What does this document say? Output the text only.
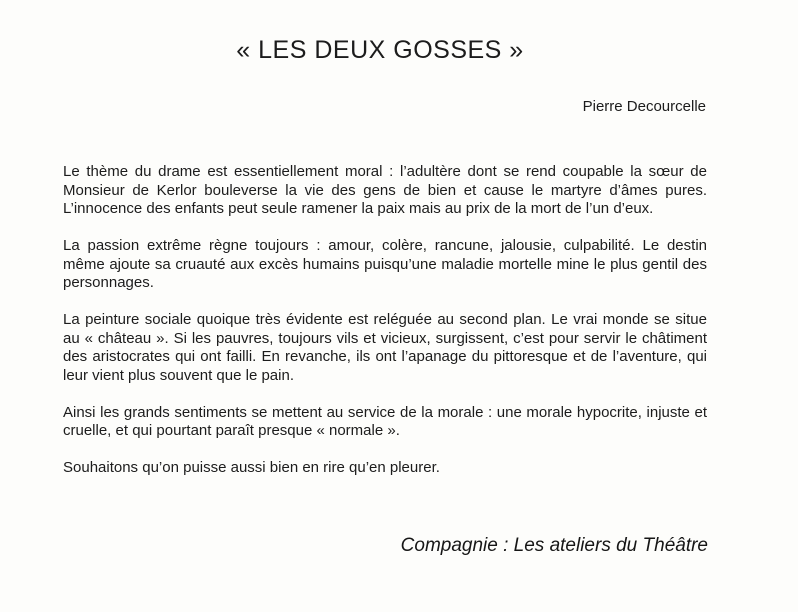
« LES DEUX GOSSES »

Pierre Decourcelle

Le thème du drame est essentiellement moral : l’adultère dont se rend coupable la sœur de Monsieur de Kerlor bouleverse la vie des gens de bien et cause le martyre d’âmes pures. L’innocence des enfants peut seule ramener la paix mais au prix de la mort de l’un d’eux.

La passion extrême règne toujours : amour, colère, rancune, jalousie, culpabilité. Le destin même ajoute sa cruauté aux excès humains puisqu’une maladie mortelle mine le plus gentil des personnages.

La peinture sociale quoique très évidente est reléguée au second plan. Le vrai monde se situe au « château ». Si les pauvres, toujours vils et vicieux, surgissent, c’est pour servir le châtiment des aristocrates qui ont failli. En revanche, ils ont l’apanage du pittoresque et de l’aventure, qui leur vient plus souvent que le pain.

Ainsi les grands sentiments se mettent au service de la morale : une morale hypocrite, injuste et cruelle, et qui pourtant paraît presque « normale ».

Souhaitons qu’on puisse aussi bien en rire qu’en pleurer.

Compagnie : Les ateliers du Théâtre
